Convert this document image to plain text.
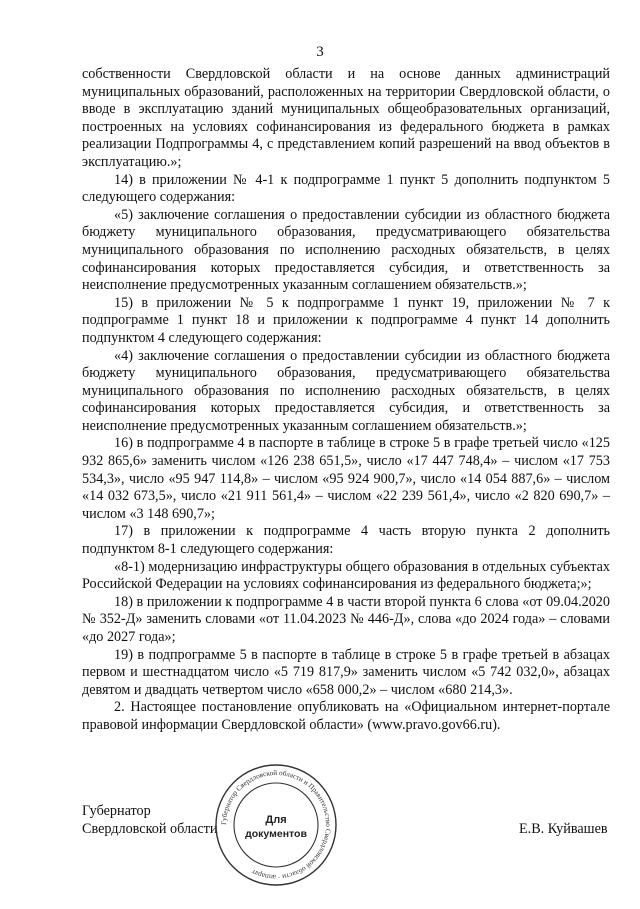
3

собственности Свердловской области и на основе данных администраций муниципальных образований, расположенных на территории Свердловской области, о вводе в эксплуатацию зданий муниципальных общеобразовательных организаций, построенных на условиях софинансирования из федерального бюджета в рамках реализации Подпрограммы 4, с представлением копий разрешений на ввод объектов в эксплуатацию.»;

14) в приложении № 4-1 к подпрограмме 1 пункт 5 дополнить подпунктом 5 следующего содержания:

«5) заключение соглашения о предоставлении субсидии из областного бюджета бюджету муниципального образования, предусматривающего обязательства муниципального образования по исполнению расходных обязательств, в целях софинансирования которых предоставляется субсидия, и ответственность за неисполнение предусмотренных указанным соглашением обязательств.»;

15) в приложении № 5 к подпрограмме 1 пункт 19, приложении № 7 к подпрограмме 1 пункт 18 и приложении к подпрограмме 4 пункт 14 дополнить подпунктом 4 следующего содержания:

«4) заключение соглашения о предоставлении субсидии из областного бюджета бюджету муниципального образования, предусматривающего обязательства муниципального образования по исполнению расходных обязательств, в целях софинансирования которых предоставляется субсидия, и ответственность за неисполнение предусмотренных указанным соглашением обязательств.»;

16) в подпрограмме 4 в паспорте в таблице в строке 5 в графе третьей число «125 932 865,6» заменить числом «126 238 651,5», число «17 447 748,4» – числом «17 753 534,3», число «95 947 114,8» – числом «95 924 900,7», число «14 054 887,6» – числом «14 032 673,5», число «21 911 561,4» – числом «22 239 561,4», число «2 820 690,7» – числом «3 148 690,7»;

17) в приложении к подпрограмме 4 часть вторую пункта 2 дополнить подпунктом 8-1 следующего содержания:

«8-1) модернизацию инфраструктуры общего образования в отдельных субъектах Российской Федерации на условиях софинансирования из федерального бюджета;»;

18) в приложении к подпрограмме 4 в части второй пункта 6 слова «от 09.04.2020 № 352-Д» заменить словами «от 11.04.2023 № 446-Д», слова «до 2024 года» – словами «до 2027 года»;

19) в подпрограмме 5 в паспорте в таблице в строке 5 в графе третьей в абзацах первом и шестнадцатом число «5 719 817,9» заменить числом «5 742 032,0», абзацах девятом и двадцать четвертом число «658 000,2» – числом «680 214,3».

2. Настоящее постановление опубликовать на «Официальном интернет-портале правовой информации Свердловской области» (www.pravo.gov66.ru).

Губернатор
Свердловской области	Е.В. Куйвашев
Губернатор Свердловской области и Правительство Свердловской области · аппарат
Для
документов
